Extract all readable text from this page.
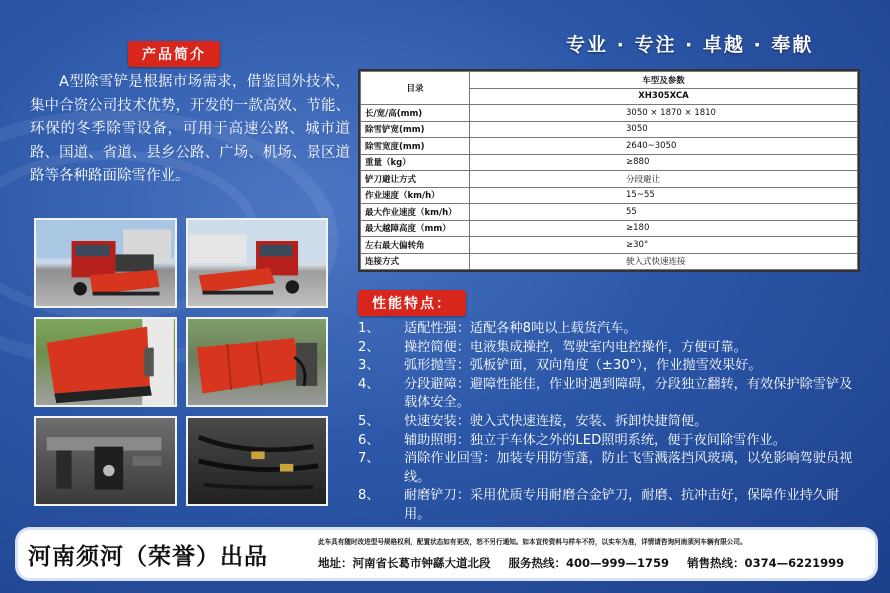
产品简介	专业 · 专注 · 卓越 · 奉献
A型除雪铲是根据市场需求，借鉴国外技术，集中合资公司技术优势，开发的一款高效、节能、环保的冬季除雪设备，可用于高速公路、城市道路、国道、省道、县乡公路、广场、机场、景区道路等各种路面除雪作业。
目录	车型及参数
	XH305XCA
长/宽/高(mm)	3050 × 1870 × 1810
除雪铲宽(mm)	3050
除雪宽度(mm)	2640~3050
重量（kg）	≥880
铲刀避让方式	分段避让
作业速度（km/h）	15~55
最大作业速度（km/h）	55
最大越障高度（mm）	≥180
左右最大偏转角	≥30°
连接方式	驶入式快速连接
性能特点：
1、 适配性强：适配各种8吨以上载货汽车。
2、 操控简便：电液集成操控，驾驶室内电控操作，方便可靠。
3、 弧形抛雪：弧板铲面，双向角度（±30°），作业抛雪效果好。
4、 分段避障：避障性能佳，作业时遇到障碍，分段独立翻转，有效保护除雪铲及载体安全。
5、 快速安装：驶入式快速连接，安装、拆卸快捷简便。
6、 辅助照明：独立于车体之外的LED照明系统，便于夜间除雪作业。
7、 消除作业回雪：加装专用防雪蓬，防止飞雪溅落挡风玻璃，以免影响驾驶员视线。
8、 耐磨铲刀：采用优质专用耐磨合金铲刀，耐磨、抗冲击好，保障作业持久耐用。
河南须河（荣誉）出品
此车具有随时改进型号规格权利，配置状态如有更改，恕不另行通知。如本宣传资料与样车不符，以实车为准，详情请咨询河南须河车辆有限公司。
地址：河南省长葛市钟繇大道北段 服务热线：400—999—1759 销售热线：0374—6221999
